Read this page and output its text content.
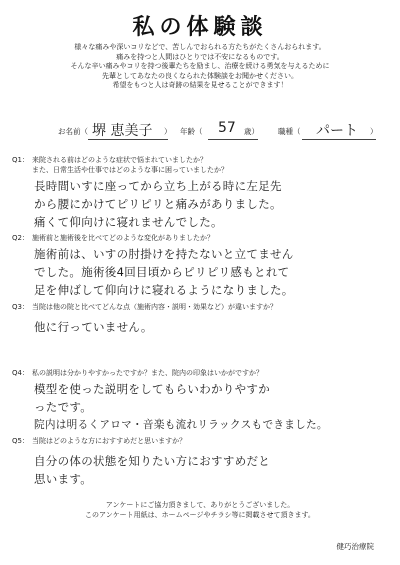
私の体験談
様々な痛みや深いコリなどで、苦しんでおられる方たちがたくさんおられます。
痛みを持つと人間はひとりでは不安になるものです。
そんな辛い痛みやコリを持つ後輩たちを励まし、治療を続ける勇気を与えるために
先輩としてあなたの良くなられた体験談をお聞かせください。
希望をもつと人は奇跡の結果を見せることができます！
お名前（ 堺 恵美子 ） 年齢（ 57 歳）	職種（ パート ）
Q1： 来院される前はどのような症状で悩まれていましたか？
また、日常生活や仕事ではどのような事に困っていましたか？
長時間いすに座ってから立ち上がる時に左足先
から腰にかけてピリピリと痛みがありました。
痛くて仰向けに寝れませんでした。
Q2： 施術前と施術後を比べてどのような変化がありましたか？
施術前は、いすの肘掛けを持たないと立てません
でした。施術後4回目頃からピリピリ感もとれて
足を伸ばして仰向けに寝れるようになりました。
Q3： 当院は他の院と比べてどんな点（施術内容・説明・効果など）が違いますか？
他に行っていません。
Q4： 私の説明は分かりやすかったですか？また、院内の印象はいかがですか？
模型を使った説明をしてもらいわかりやすか
ったです。
院内は明るくアロマ・音楽も流れリラックスもできました。
Q5： 当院はどのような方におすすめだと思いますか？
自分の体の状態を知りたい方におすすめだと
思います。
アンケートにご協力頂きまして、ありがとうございました。
このアンケート用紙は、ホームページやチラシ等に掲載させて頂きます。
健巧治療院
